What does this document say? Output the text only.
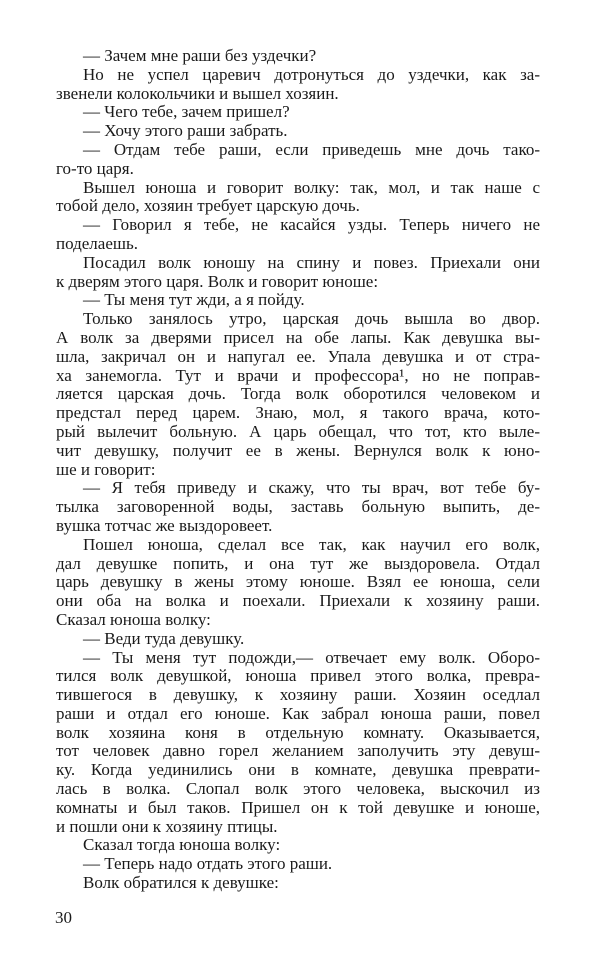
— Зачем мне раши без уздечки?
Но не успел царевич дотронуться до уздечки, как за-
звенели колокольчики и вышел хозяин.
— Чего тебе, зачем пришел?
— Хочу этого раши забрать.
— Отдам тебе раши, если приведешь мне дочь тако-
го-то царя.
Вышел юноша и говорит волку: так, мол, и так наше с
тобой дело, хозяин требует царскую дочь.
— Говорил я тебе, не касайся узды. Теперь ничего не
поделаешь.
Посадил волк юношу на спину и повез. Приехали они
к дверям этого царя. Волк и говорит юноше:
— Ты меня тут жди, а я пойду.
Только занялось утро, царская дочь вышла во двор.
А волк за дверями присел на обе лапы. Как девушка вы-
шла, закричал он и напугал ее. Упала девушка и от стра-
ха занемогла. Тут и врачи и профессора¹, но не поправ-
ляется царская дочь. Тогда волк оборотился человеком и
предстал перед царем. Знаю, мол, я такого врача, кото-
рый вылечит больную. А царь обещал, что тот, кто выле-
чит девушку, получит ее в жены. Вернулся волк к юно-
ше и говорит:
— Я тебя приведу и скажу, что ты врач, вот тебе бу-
тылка заговоренной воды, заставь больную выпить, де-
вушка тотчас же выздоровеет.
Пошел юноша, сделал все так, как научил его волк,
дал девушке попить, и она тут же выздоровела. Отдал
царь девушку в жены этому юноше. Взял ее юноша, сели
они оба на волка и поехали. Приехали к хозяину раши.
Сказал юноша волку:
— Веди туда девушку.
— Ты меня тут подожди,— отвечает ему волк. Оборо-
тился волк девушкой, юноша привел этого волка, превра-
тившегося в девушку, к хозяину раши. Хозяин оседлал
раши и отдал его юноше. Как забрал юноша раши, повел
волк хозяина коня в отдельную комнату. Оказывается,
тот человек давно горел желанием заполучить эту девуш-
ку. Когда уединились они в комнате, девушка преврати-
лась в волка. Слопал волк этого человека, выскочил из
комнаты и был таков. Пришел он к той девушке и юноше,
и пошли они к хозяину птицы.
Сказал тогда юноша волку:
— Теперь надо отдать этого раши.
Волк обратился к девушке:
30
